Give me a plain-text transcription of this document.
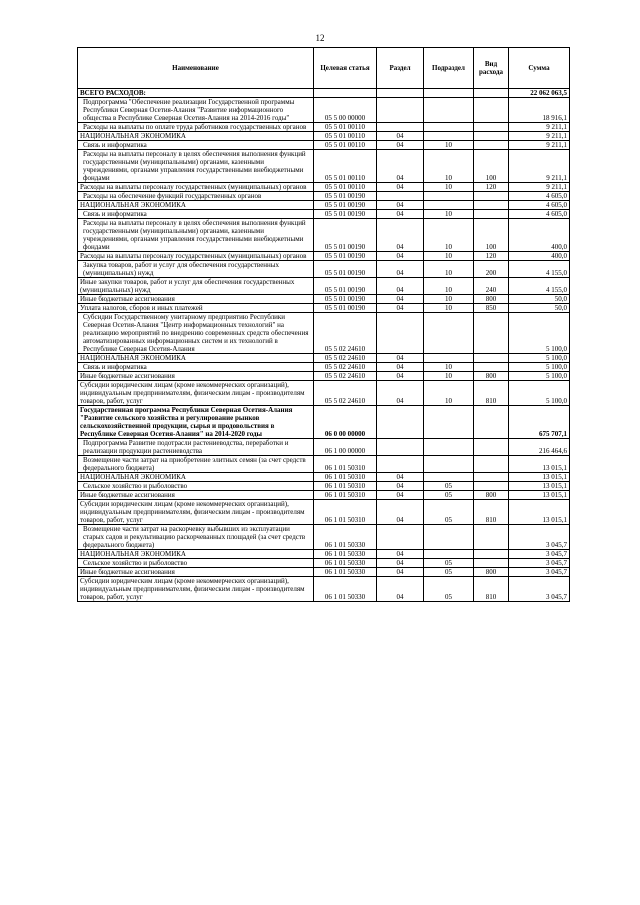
12
Наименование	Целевая статья	Раздел	Подраздел	Вид расхода	Сумма
ВСЕГО РАСХОДОВ:					22 062 063,5
Подпрограмма "Обеспечение реализации Государственной программы Республики Северная Осетия-Алания "Развитие информационного общества в Республике Северная Осетия-Алания на 2014-2016 годы"	05 5 00 00000				18 916,1
Расходы на выплаты по оплате труда работников государственных органов	05 5 01 00110				9 211,1
НАЦИОНАЛЬНАЯ ЭКОНОМИКА	05 5 01 00110	04			9 211,1
Связь и информатика	05 5 01 00110	04	10		9 211,1
Расходы на выплаты персоналу в целях обеспечения выполнения функций государственными (муниципальными) органами, казенными учреждениями, органами управления государственными внебюджетными фондами	05 5 01 00110	04	10	100	9 211,1
Расходы на выплаты персоналу государственных (муниципальных) органов	05 5 01 00110	04	10	120	9 211,1
Расходы на обеспечение функций государственных органов	05 5 01 00190				4 605,0
НАЦИОНАЛЬНАЯ ЭКОНОМИКА	05 5 01 00190	04			4 605,0
Связь и информатика	05 5 01 00190	04	10		4 605,0
Расходы на выплаты персоналу в целях обеспечения выполнения функций государственными (муниципальными) органами, казенными учреждениями, органами управления государственными внебюджетными фондами	05 5 01 00190	04	10	100	400,0
Расходы на выплаты персоналу государственных (муниципальных) органов	05 5 01 00190	04	10	120	400,0
Закупка товаров, работ и услуг для обеспечения государственных (муниципальных) нужд	05 5 01 00190	04	10	200	4 155,0
Иные закупки товаров, работ и услуг для обеспечения государственных (муниципальных) нужд	05 5 01 00190	04	10	240	4 155,0
Иные бюджетные ассигнования	05 5 01 00190	04	10	800	50,0
Уплата налогов, сборов и иных платежей	05 5 01 00190	04	10	850	50,0
Субсидии Государственному унитарному предприятию Республики Северная Осетия-Алания "Центр информационных технологий" на реализацию мероприятий по внедрению современных средств обеспечения автоматизированных информационных систем и их технологий в Республике Северная Осетия-Алания	05 5 02 24610				5 100,0
НАЦИОНАЛЬНАЯ ЭКОНОМИКА	05 5 02 24610	04			5 100,0
Связь и информатика	05 5 02 24610	04	10		5 100,0
Иные бюджетные ассигнования	05 5 02 24610	04	10	800	5 100,0
Субсидии юридическим лицам (кроме некоммерческих организаций), индивидуальным предпринимателям, физическим лицам - производителям товаров, работ, услуг	05 5 02 24610	04	10	810	5 100,0
Государственная программа Республики Северная Осетия-Алания "Развитие сельского хозяйства и регулирование рынков сельскохозяйственной продукции, сырья и продовольствия в Республике Северная Осетия-Алания" на 2014-2020 годы	06 0 00 00000				675 707,1
Подпрограмма Развитие подотрасли растениеводства, переработки и реализации продукции растениеводства	06 1 00 00000				216 464,6
Возмещение части затрат на приобретение элитных семян (за счет средств федерального бюджета)	06 1 01 50310				13 015,1
НАЦИОНАЛЬНАЯ ЭКОНОМИКА	06 1 01 50310	04			13 015,1
Сельское хозяйство и рыболовство	06 1 01 50310	04	05		13 015,1
Иные бюджетные ассигнования	06 1 01 50310	04	05	800	13 015,1
Субсидии юридическим лицам (кроме некоммерческих организаций), индивидуальным предпринимателям, физическим лицам - производителям товаров, работ, услуг	06 1 01 50310	04	05	810	13 015,1
Возмещение части затрат на раскорчевку выбывших из эксплуатации старых садов и рекультивацию раскорчеванных площадей (за счет средств федерального бюджета)	06 1 01 50330				3 045,7
НАЦИОНАЛЬНАЯ ЭКОНОМИКА	06 1 01 50330	04			3 045,7
Сельское хозяйство и рыболовство	06 1 01 50330	04	05		3 045,7
Иные бюджетные ассигнования	06 1 01 50330	04	05	800	3 045,7
Субсидии юридическим лицам (кроме некоммерческих организаций), индивидуальным предпринимателям, физическим лицам - производителям товаров, работ, услуг	06 1 01 50330	04	05	810	3 045,7
